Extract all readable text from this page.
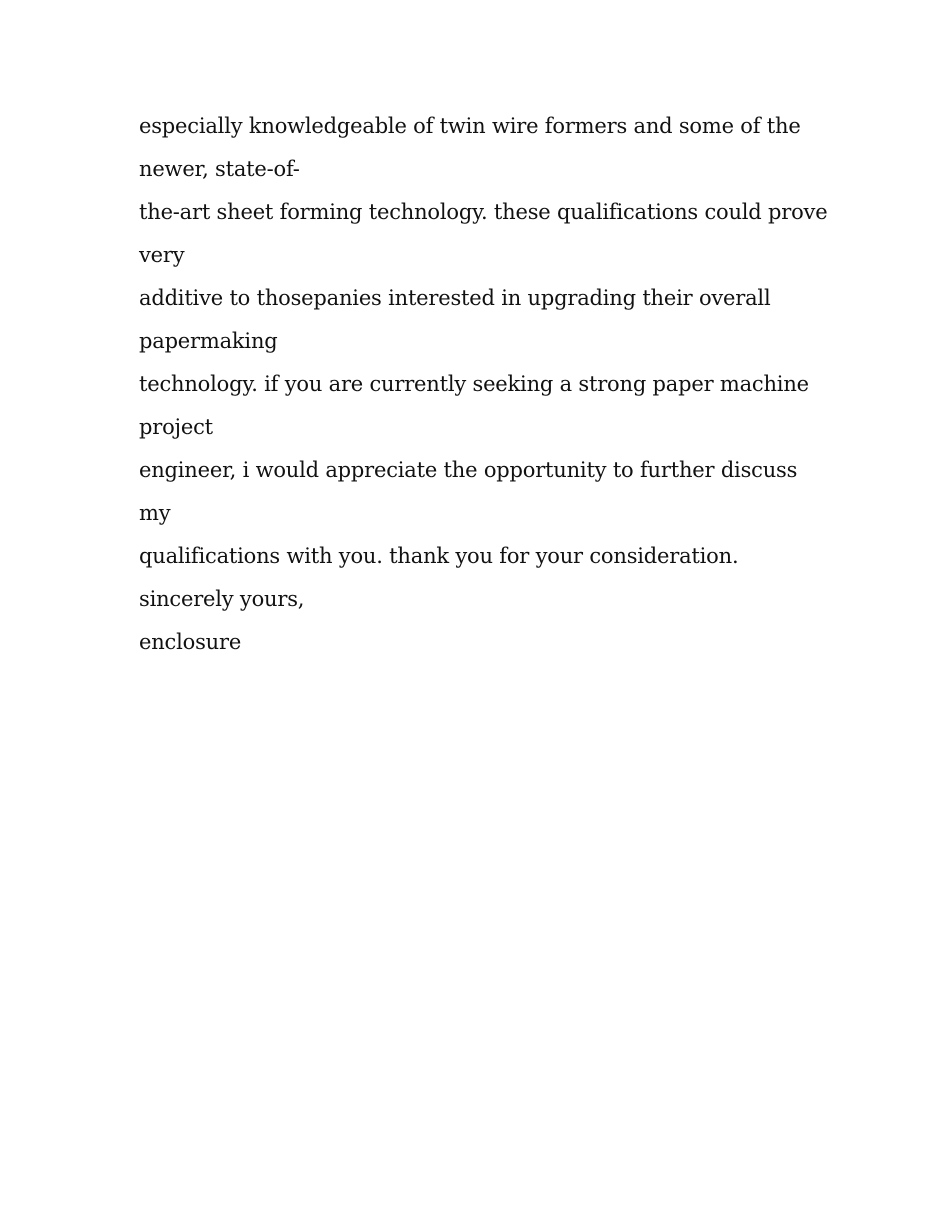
especially knowledgeable of twin wire formers and some of the
newer, state-of-
the-art sheet forming technology. these qualifications could prove
very
additive to thosepanies interested in upgrading their overall
papermaking
technology. if you are currently seeking a strong paper machine
project
engineer, i would appreciate the opportunity to further discuss
my
qualifications with you. thank you for your consideration.
sincerely yours,
enclosure
